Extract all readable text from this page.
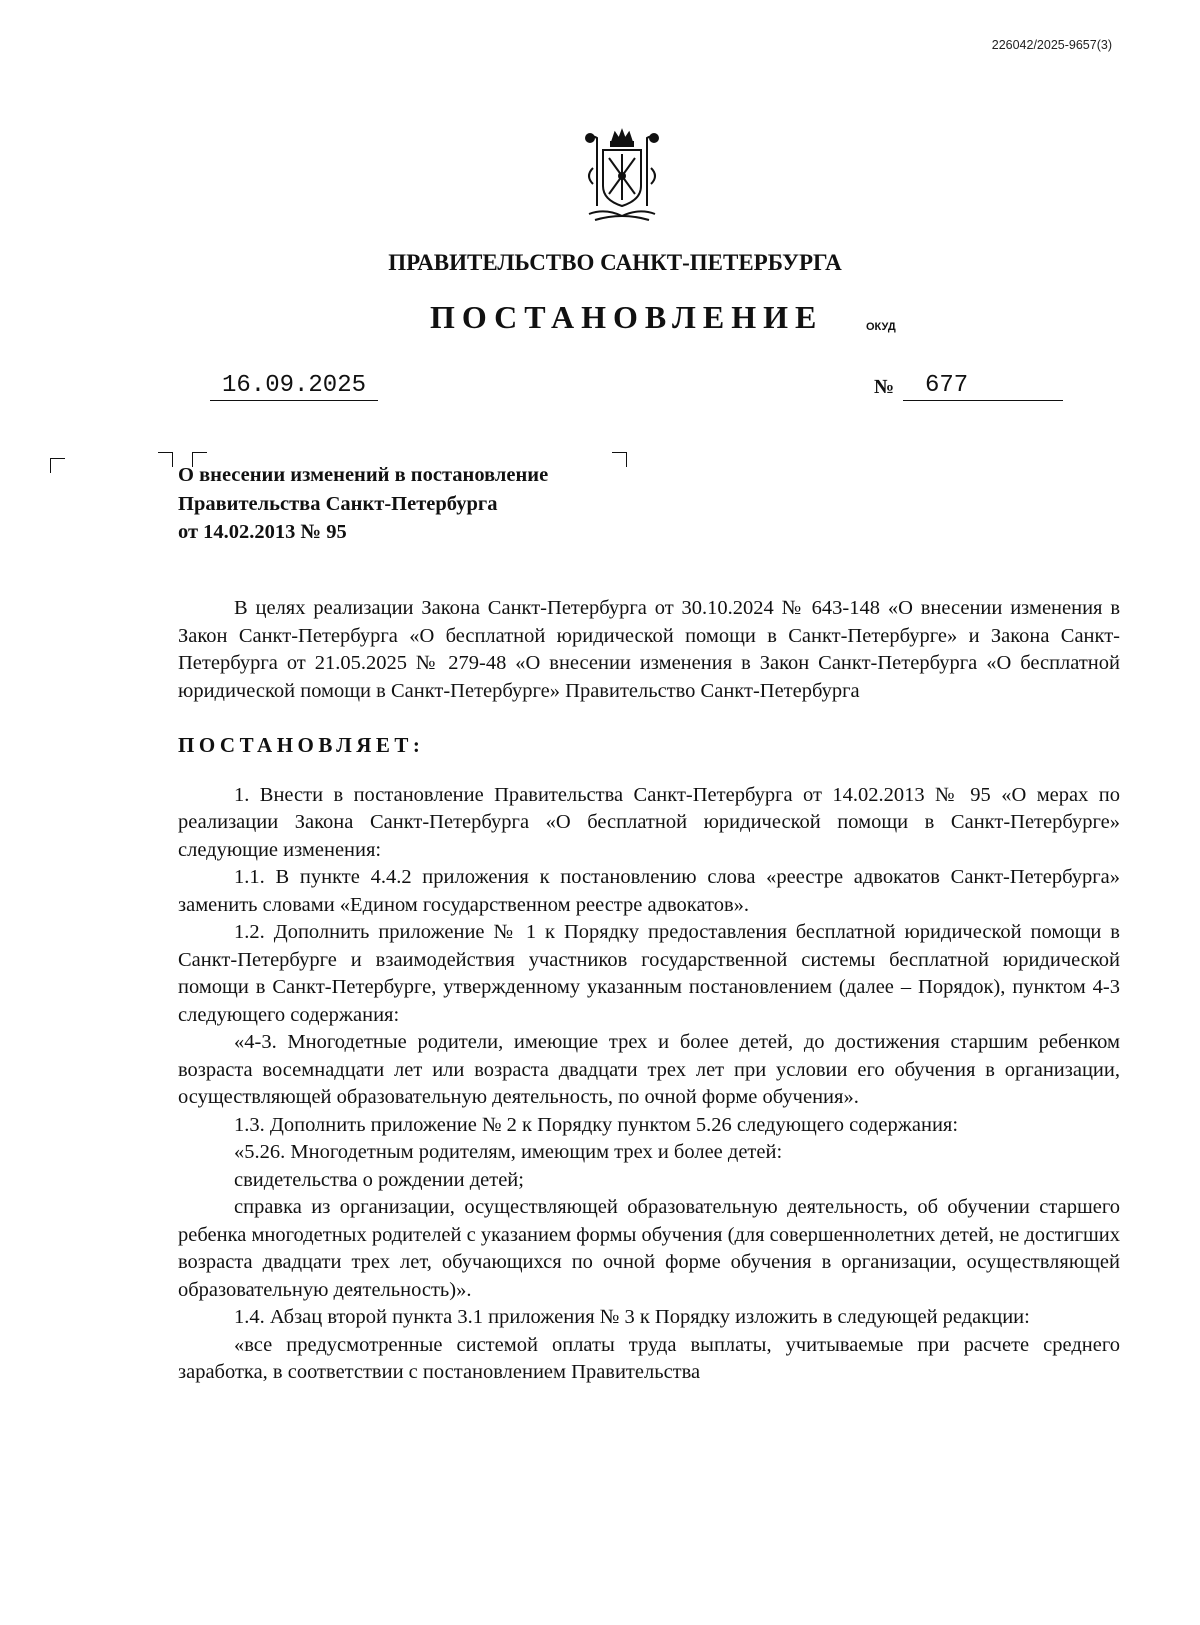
226042/2025-9657(3)
ПРАВИТЕЛЬСТВО САНКТ-ПЕТЕРБУРГА
ПОСТАНОВЛЕНИЕ	ОКУД
16.09.2025	№	677
О внесении изменений в постановление
Правительства Санкт-Петербурга
от 14.02.2013 № 95

В целях реализации Закона Санкт-Петербурга от 30.10.2024 № 643-148 «О внесении изменения в Закон Санкт-Петербурга «О бесплатной юридической помощи в Санкт-Петербурге» и Закона Санкт-Петербурга от 21.05.2025 № 279-48 «О внесении изменения в Закон Санкт-Петербурга «О бесплатной юридической помощи в Санкт-Петербурге» Правительство Санкт-Петербурга

ПОСТАНОВЛЯЕТ:

1. Внести в постановление Правительства Санкт-Петербурга от 14.02.2013 № 95 «О мерах по реализации Закона Санкт-Петербурга «О бесплатной юридической помощи в Санкт-Петербурге» следующие изменения:

1.1. В пункте 4.4.2 приложения к постановлению слова «реестре адвокатов Санкт-Петербурга» заменить словами «Едином государственном реестре адвокатов».

1.2. Дополнить приложение № 1 к Порядку предоставления бесплатной юридической помощи в Санкт-Петербурге и взаимодействия участников государственной системы бесплатной юридической помощи в Санкт-Петербурге, утвержденному указанным постановлением (далее – Порядок), пунктом 4-3 следующего содержания:

«4-3. Многодетные родители, имеющие трех и более детей, до достижения старшим ребенком возраста восемнадцати лет или возраста двадцати трех лет при условии его обучения в организации, осуществляющей образовательную деятельность, по очной форме обучения».

1.3. Дополнить приложение № 2 к Порядку пунктом 5.26 следующего содержания:

«5.26. Многодетным родителям, имеющим трех и более детей:

свидетельства о рождении детей;

справка из организации, осуществляющей образовательную деятельность, об обучении старшего ребенка многодетных родителей с указанием формы обучения (для совершеннолетних детей, не достигших возраста двадцати трех лет, обучающихся по очной форме обучения в организации, осуществляющей образовательную деятельность)».

1.4. Абзац второй пункта 3.1 приложения № 3 к Порядку изложить в следующей редакции:

«все предусмотренные системой оплаты труда выплаты, учитываемые при расчете среднего заработка, в соответствии с постановлением Правительства
